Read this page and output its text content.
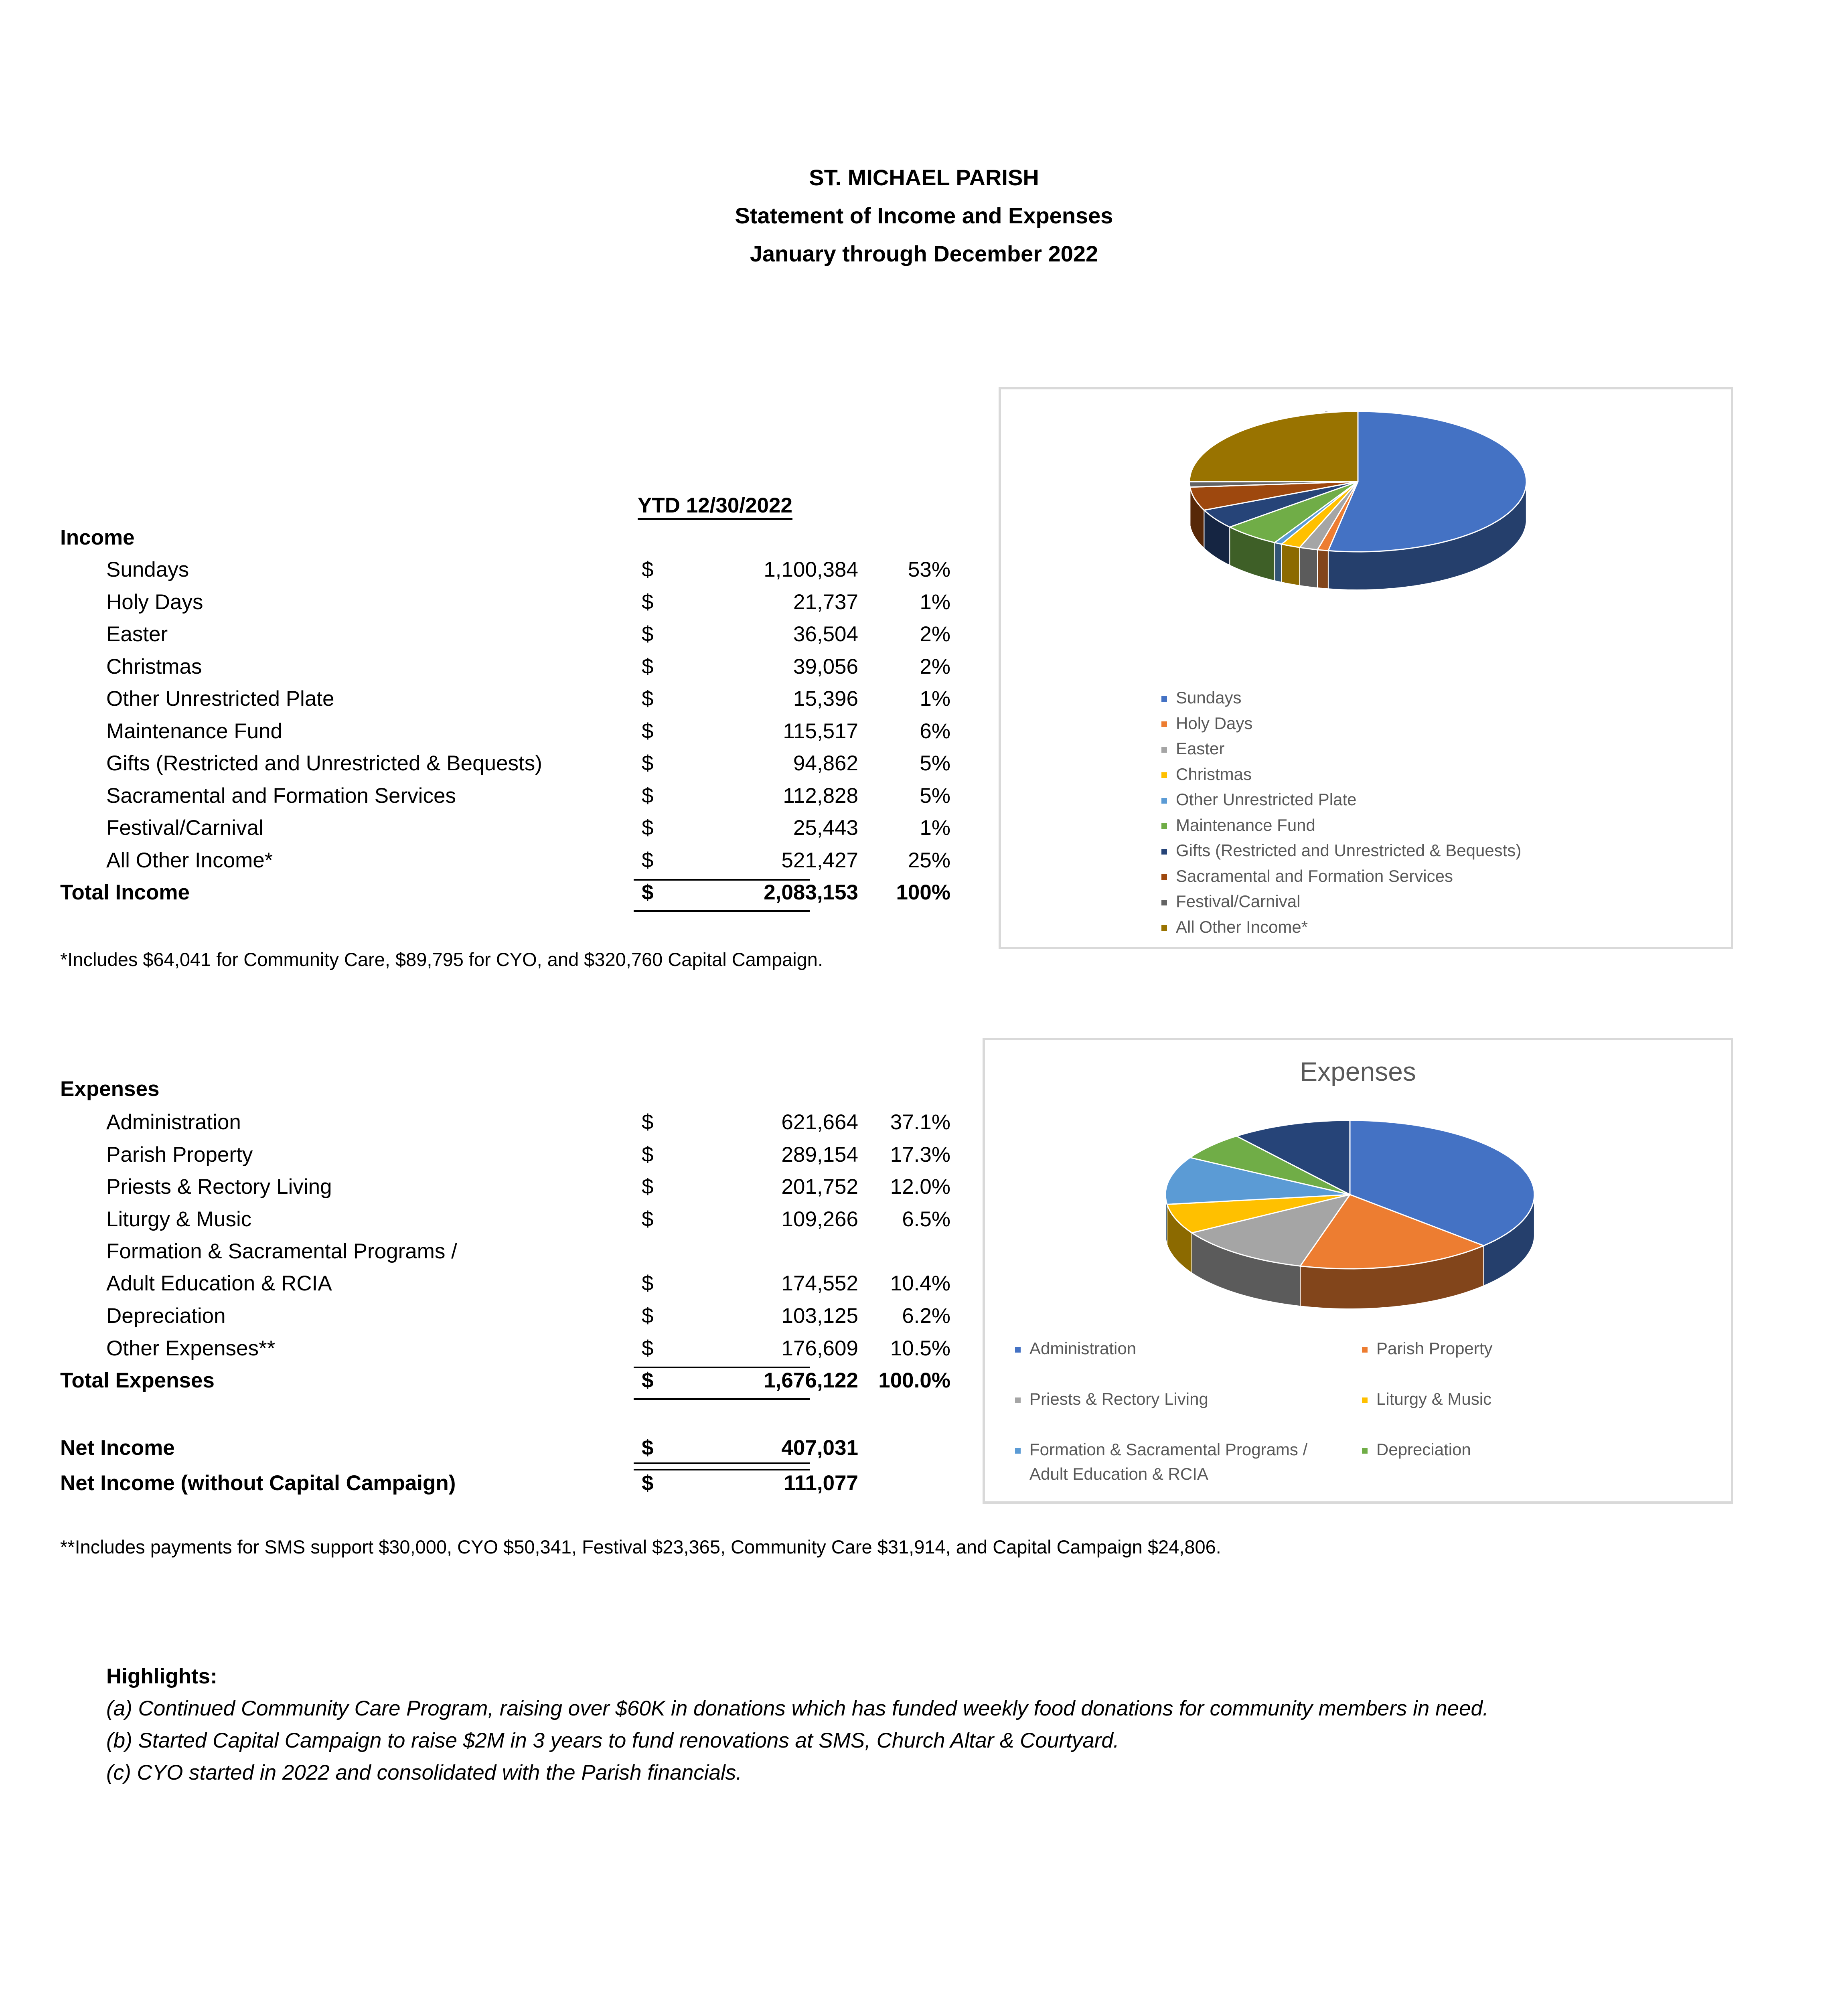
ST. MICHAEL PARISH
Statement of Income and Expenses
January through December 2022
YTD 12/30/2022
Income
Sundays	$	1,100,384	53%
Holy Days	$	21,737	1%
Easter	$	36,504	2%
Christmas	$	39,056	2%
Other Unrestricted Plate	$	15,396	1%
Maintenance Fund	$	115,517	6%
Gifts (Restricted and Unrestricted & Bequests)	$	94,862	5%
Sacramental and Formation Services	$	112,828	5%
Festival/Carnival	$	25,443	1%
All Other Income*	$	521,427	25%
Total Income	$	2,083,153	100%
*Includes $64,041 for Community Care, $89,795 for CYO, and $320,760 Capital Campaign.
Expenses
Administration	$	621,664	37.1%
Parish Property	$	289,154	17.3%
Priests & Rectory Living	$	201,752	12.0%
Liturgy & Music	$	109,266	6.5%
Formation & Sacramental Programs /
Adult Education & RCIA	$	174,552	10.4%
Depreciation	$	103,125	6.2%
Other Expenses**	$	176,609	10.5%
Total Expenses	$	1,676,122 100.0%
Net Income	$	407,031
Net Income (without Capital Campaign)	$	111,077
**Includes payments for SMS support $30,000, CYO $50,341, Festival $23,365, Community Care $31,914, and Capital Campaign $24,806.
Highlights:
(a) Continued Community Care Program, raising over $60K in donations which has funded weekly food donations for community members in need.
(b) Started Capital Campaign to raise $2M in 3 years to fund renovations at SMS, Church Altar & Courtyard.
(c) CYO started in 2022 and consolidated with the Parish financials.
Sundays
Holy Days
Easter
Christmas
Other Unrestricted Plate
Maintenance Fund
Gifts (Restricted and Unrestricted & Bequests)
Sacramental and Formation Services
Festival/Carnival
All Other Income*
Expenses
Administration	Parish Property
Priests & Rectory Living	Liturgy & Music
Formation & Sacramental Programs /	Depreciation
Adult Education & RCIA
